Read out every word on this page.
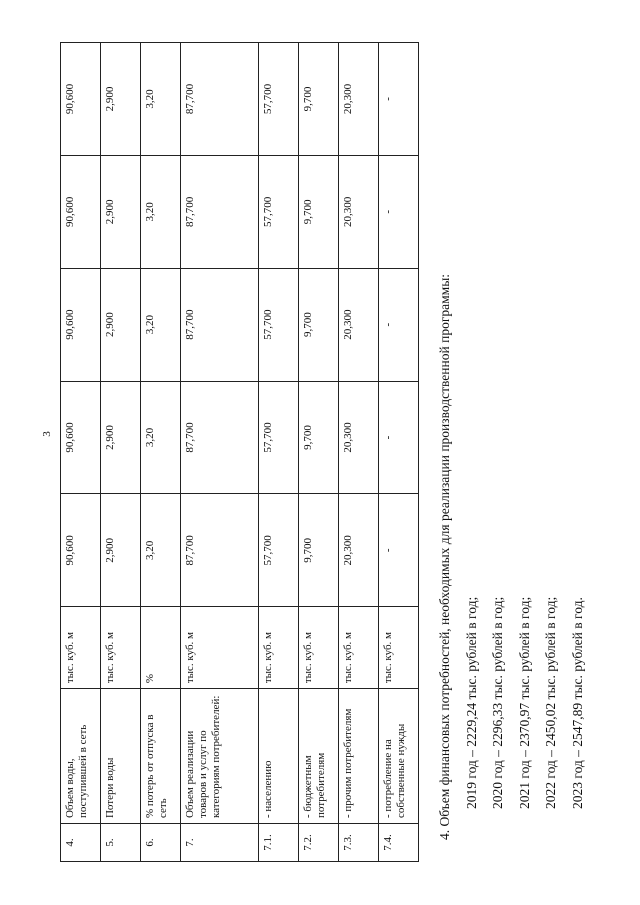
3
4.	Объем воды, поступившей в сеть	тыс. куб. м	90,600	90,600	90,600	90,600	90,600
5.	Потери воды	тыс. куб. м	2,900	2,900	2,900	2,900	2,900
6.	% потерь от отпуска в сеть	%	3,20	3,20	3,20	3,20	3,20
7.	Объем реализации товаров и услуг по категориям потребителей:	тыс. куб. м	87,700	87,700	87,700	87,700	87,700
7.1.	- населению	тыс. куб. м	57,700	57,700	57,700	57,700	57,700
7.2.	- бюджетным потребителям	тыс. куб. м	9,700	9,700	9,700	9,700	9,700
7.3.	- прочим потребителям	тыс. куб. м	20,300	20,300	20,300	20,300	20,300
7.4.	- потребление на собственные нужды	тыс. куб. м	-	-	-	-	-

4. Объем финансовых потребностей, необходимых для реализации производственной программы: 2019 год – 2229,24 тыс. рублей в год; 2020 год – 2296,33 тыс. рублей в год; 2021 год – 2370,97 тыс. рублей в год; 2022 год – 2450,02 тыс. рублей в год; 2023 год – 2547,89 тыс. рублей в год.
